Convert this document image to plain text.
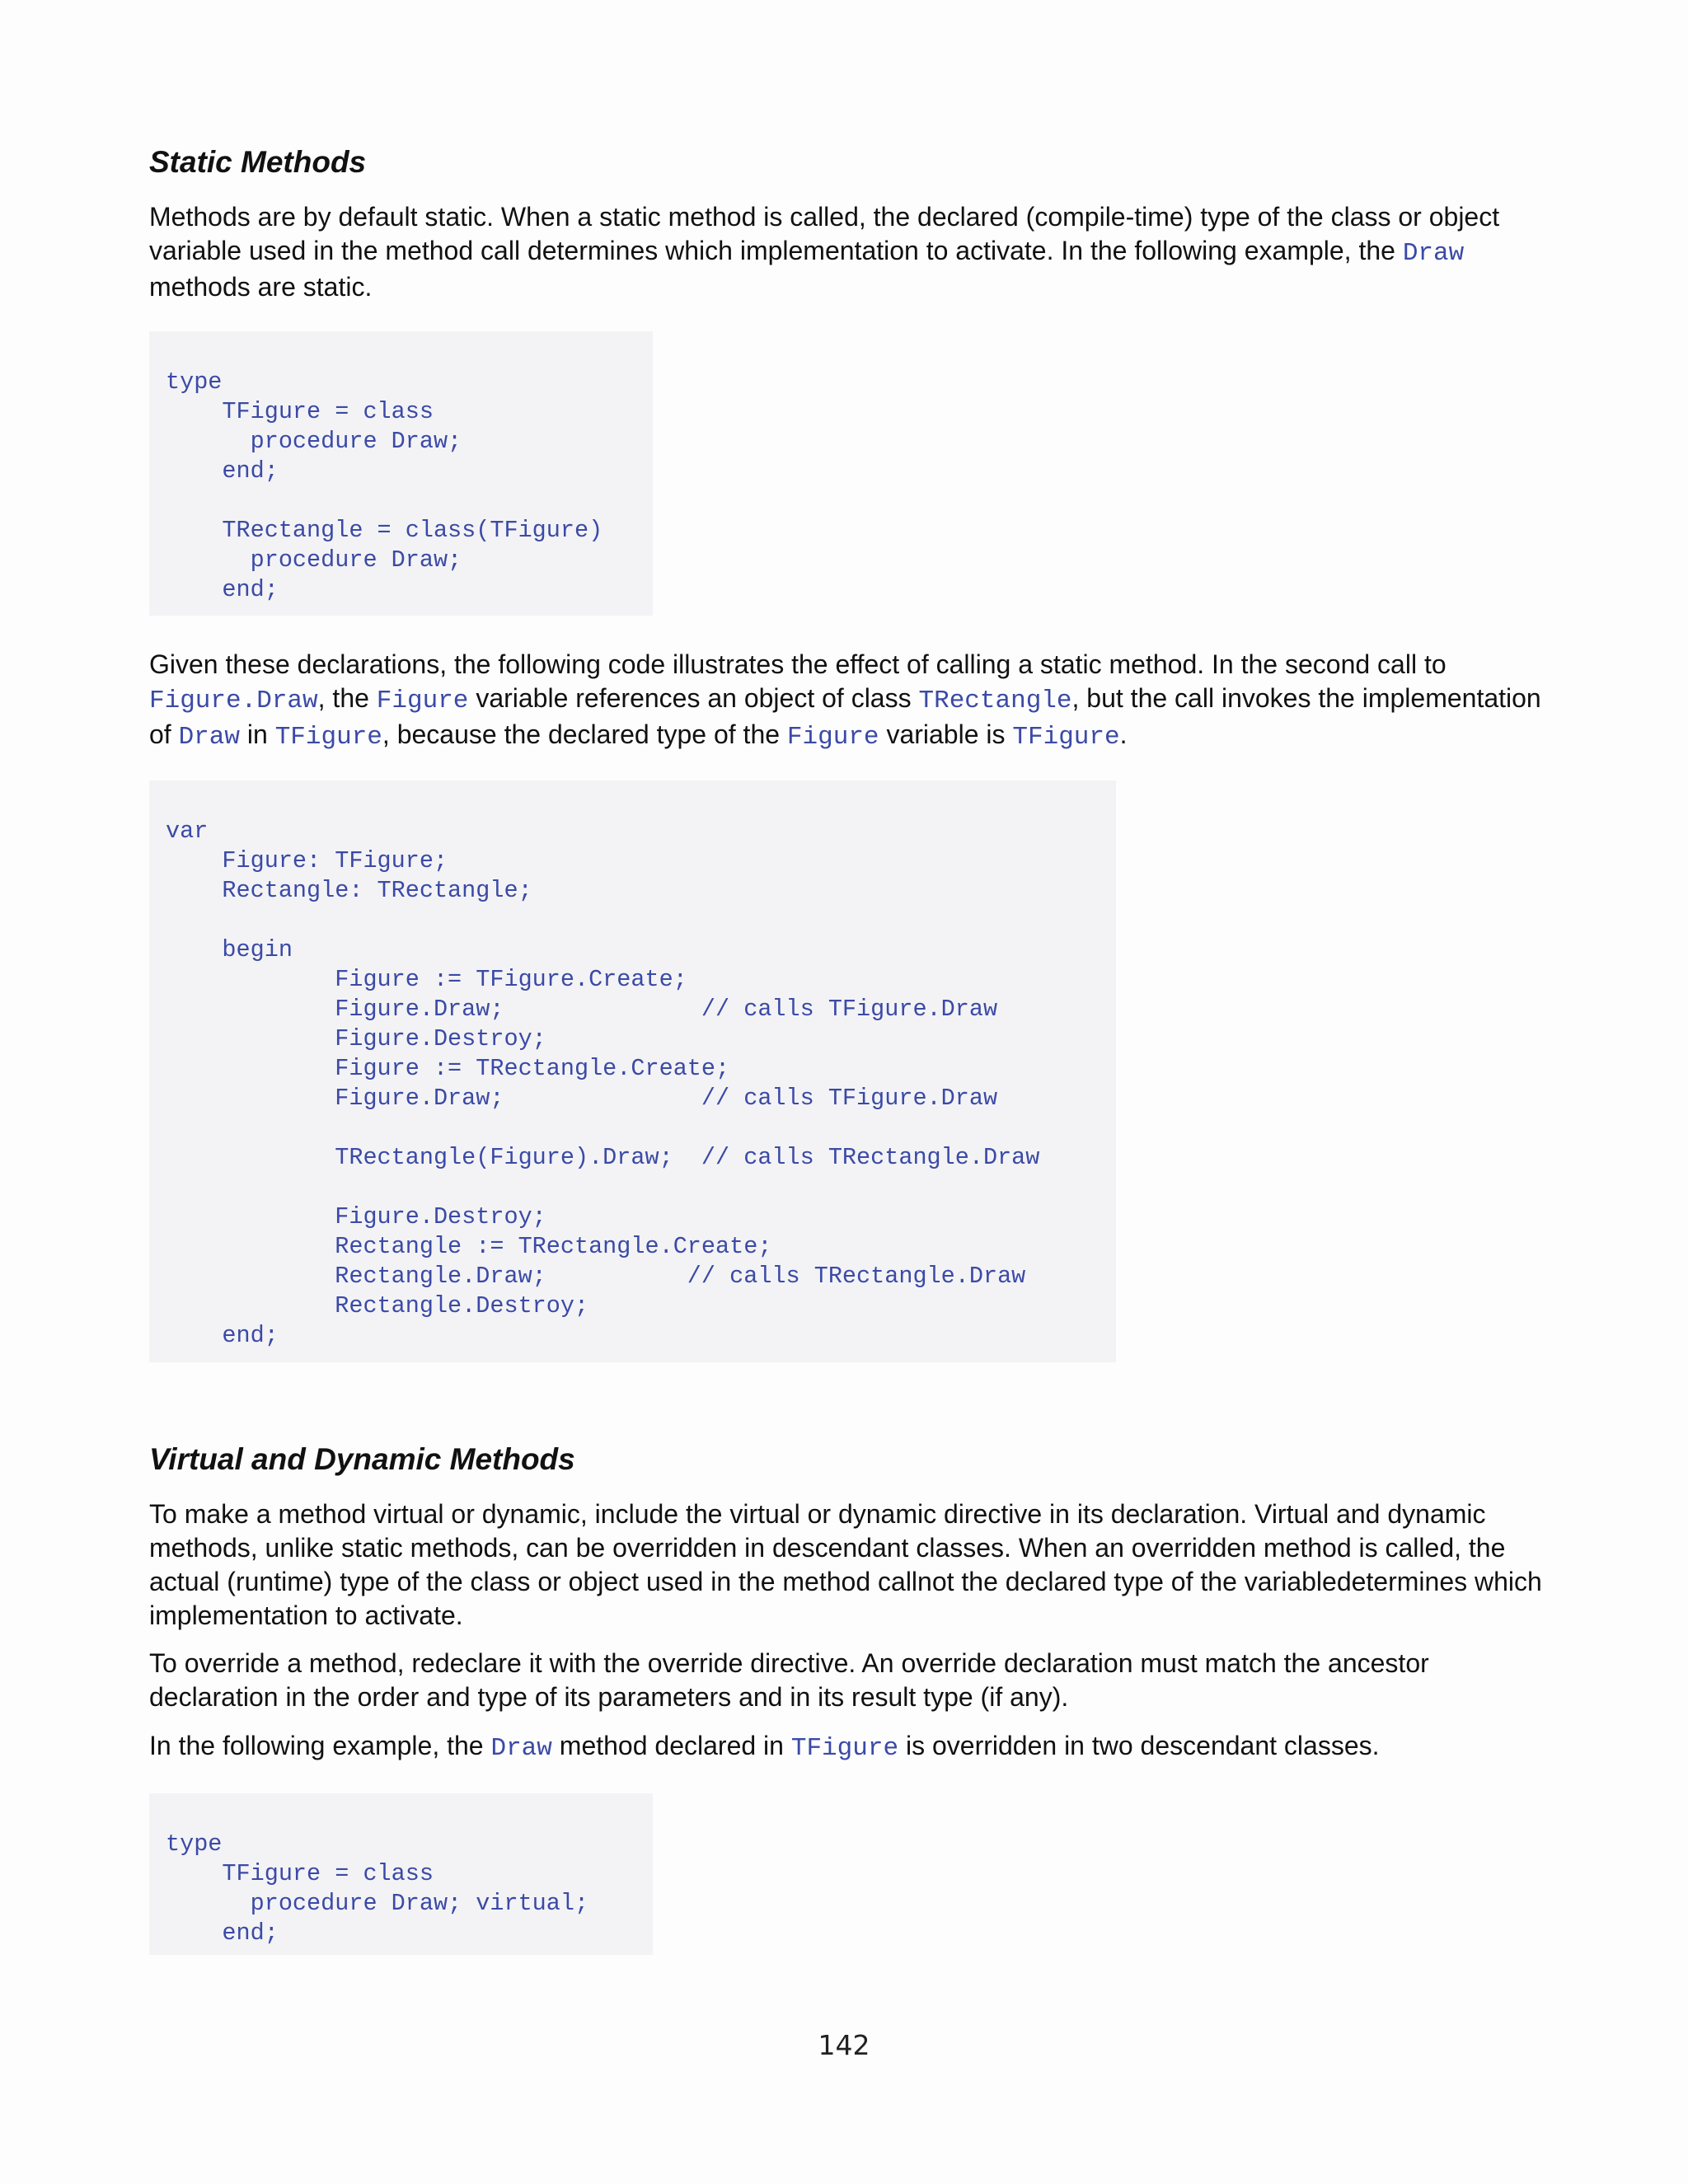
Static Methods

Methods are by default static. When a static method is called, the declared (compile-time) type of the class or object variable used in the method call determines which implementation to activate. In the following example, the Draw methods are static.

type
TFigure = class
procedure Draw;
end;
TRectangle = class(TFigure)
procedure Draw;
end;

Given these declarations, the following code illustrates the effect of calling a static method. In the second call to Figure.Draw, the Figure variable references an object of class TRectangle, but the call invokes the implementation of Draw in TFigure, because the declared type of the Figure variable is TFigure.

var
Figure: TFigure;
Rectangle: TRectangle;
begin
Figure := TFigure.Create;
Figure.Draw;              // calls TFigure.Draw
Figure.Destroy;
Figure := TRectangle.Create;
Figure.Draw;              // calls TFigure.Draw
TRectangle(Figure).Draw;  // calls TRectangle.Draw
Figure.Destroy;
Rectangle := TRectangle.Create;
Rectangle.Draw;          // calls TRectangle.Draw
Rectangle.Destroy;
end;
Virtual and Dynamic Methods

To make a method virtual or dynamic, include the virtual or dynamic directive in its declaration. Virtual and dynamic methods, unlike static methods, can be overridden in descendant classes. When an overridden method is called, the actual (runtime) type of the class or object used in the method callnot the declared type of the variabledetermines which implementation to activate.

To override a method, redeclare it with the override directive. An override declaration must match the ancestor declaration in the order and type of its parameters and in its result type (if any).

In the following example, the Draw method declared in TFigure is overridden in two descendant classes.

type
TFigure = class
procedure Draw; virtual;
end;
142
